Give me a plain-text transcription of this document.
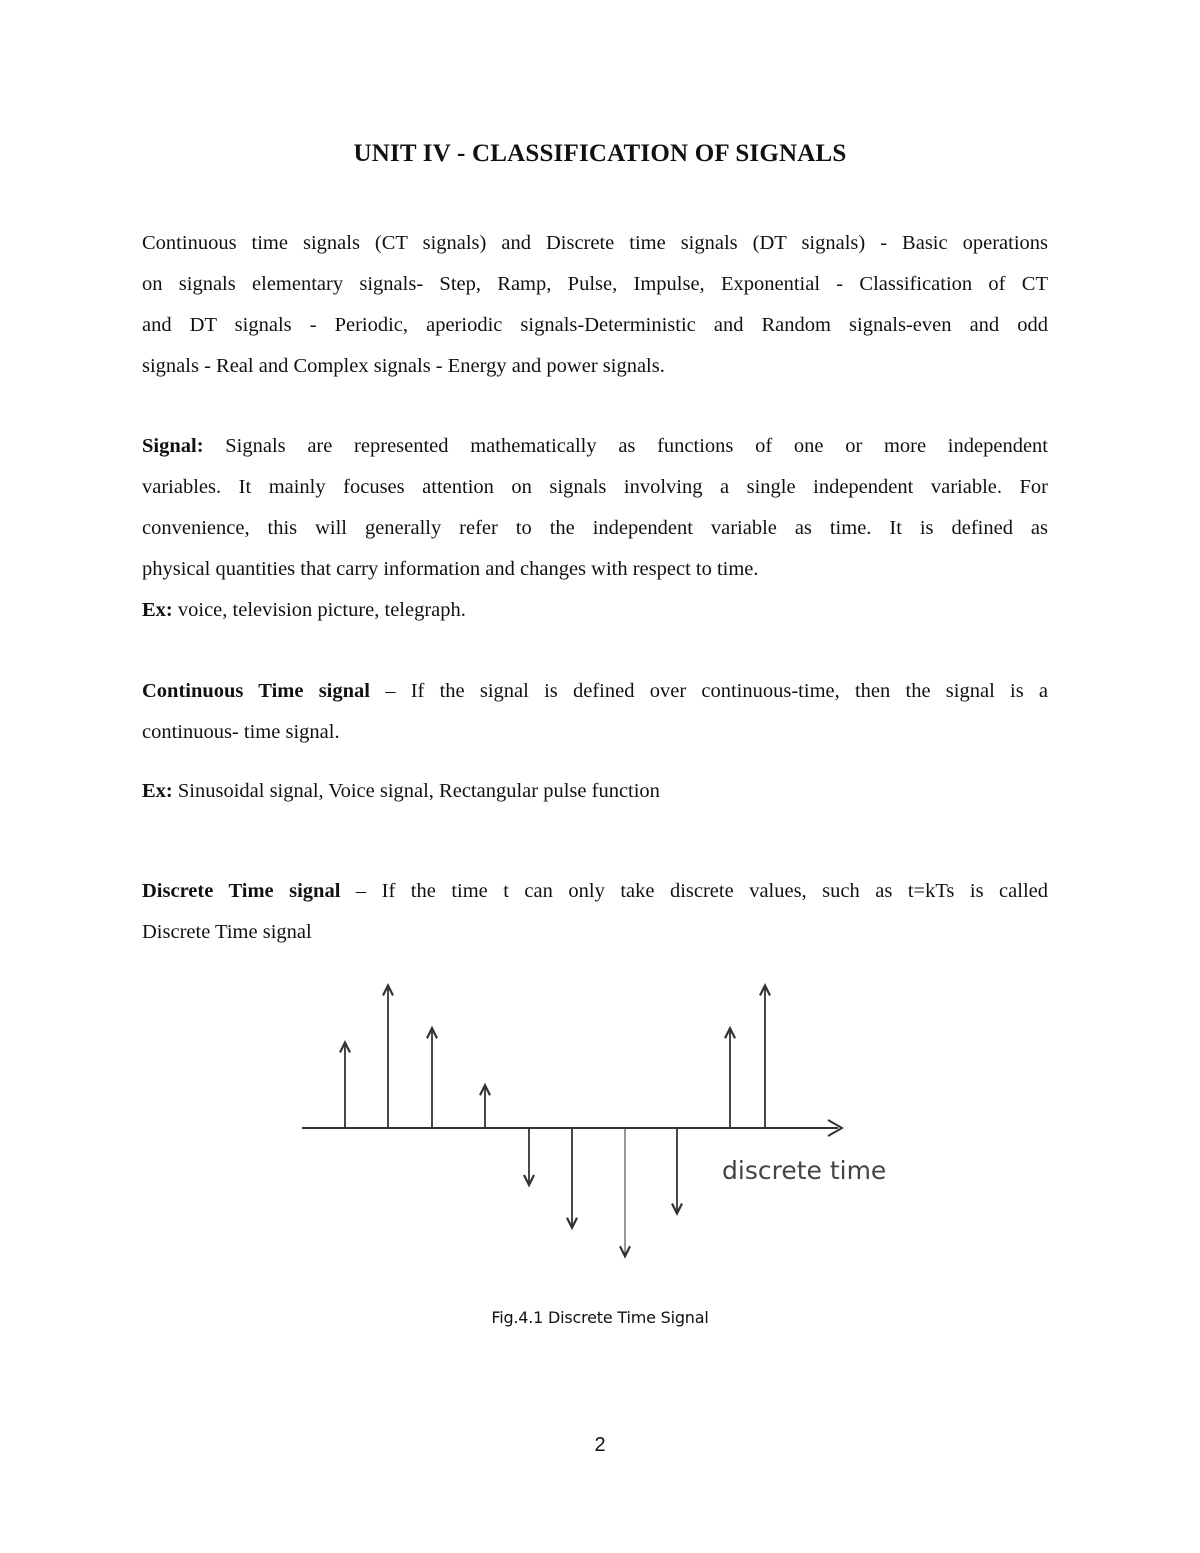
UNIT IV - CLASSIFICATION OF SIGNALS
Continuous time signals (CT signals) and Discrete time signals (DT signals) - Basic operations
on signals elementary signals- Step, Ramp, Pulse, Impulse, Exponential - Classification of CT
and DT signals - Periodic, aperiodic signals-Deterministic and Random signals-even and odd
signals - Real and Complex signals - Energy and power signals.
Signal: Signals are represented mathematically as functions of one or more independent
variables. It mainly focuses attention on signals involving a single independent variable. For
convenience, this will generally refer to the independent variable as time. It is defined as
physical quantities that carry information and changes with respect to time.
Ex: voice, television picture, telegraph.
Continuous Time signal – If the signal is defined over continuous-time, then the signal is a
continuous- time signal.
Ex: Sinusoidal signal, Voice signal, Rectangular pulse function
Discrete Time signal – If the time t can only take discrete values, such as t=kTs is called
Discrete Time signal
discrete time
Fig.4.1 Discrete Time Signal
2
